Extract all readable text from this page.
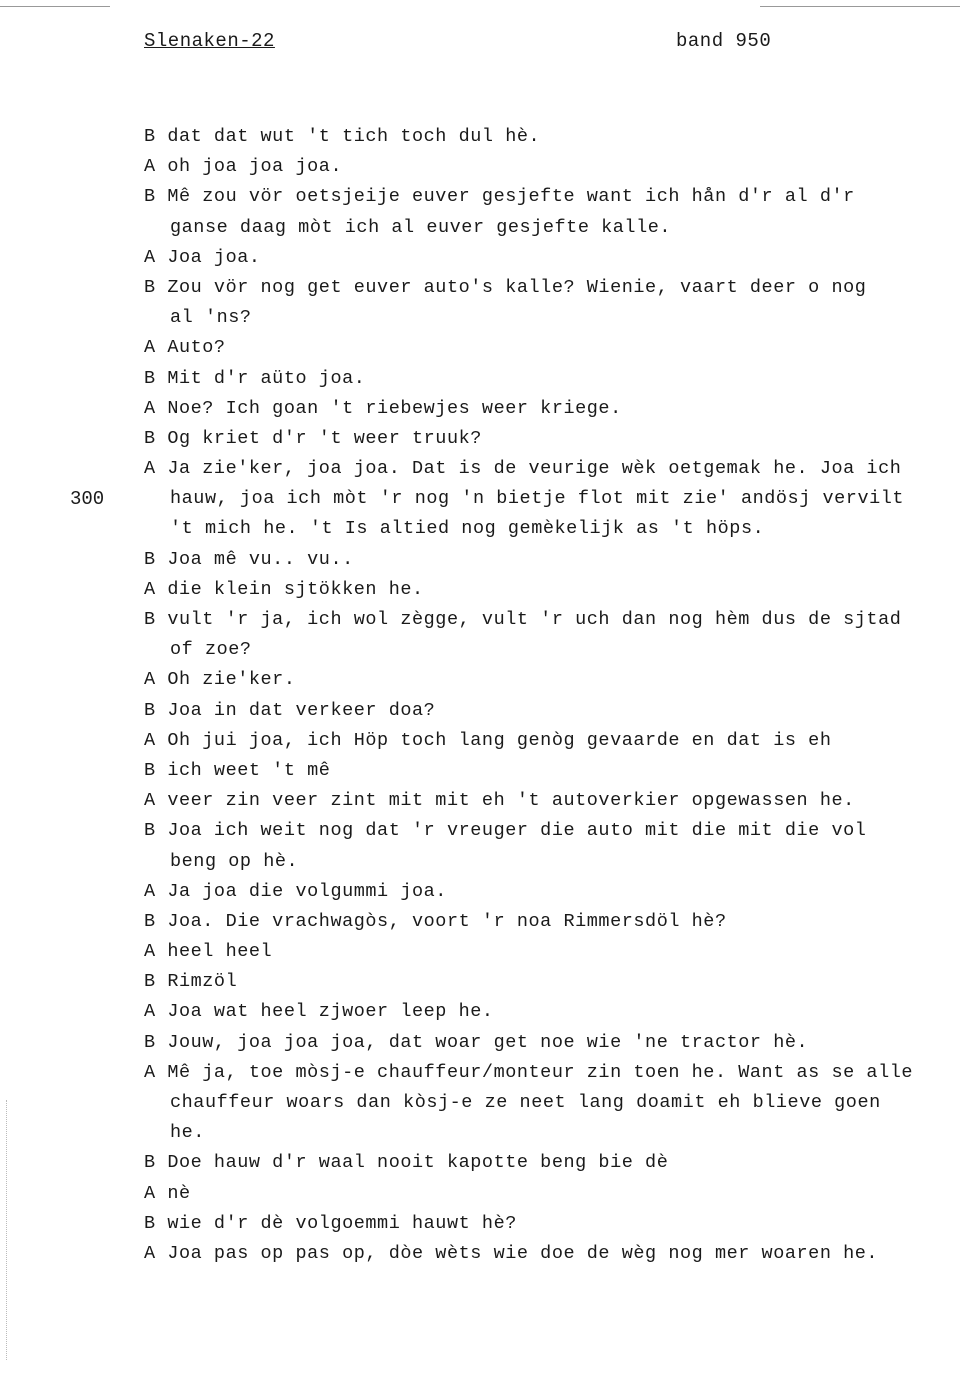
Slenaken-22	band 950
300
B dat dat wut 't tich toch dul hè.
A oh joa joa joa.
B Mê zou vör oetsjeije euver gesjefte want ich hån d'r al d'r
ganse daag mòt ich al euver gesjefte kalle.
A Joa joa.
B Zou vör nog get euver auto's kalle? Wienie, vaart deer o nog
al 'ns?
A Auto?
B Mit d'r aüto joa.
A Noe? Ich goan 't riebewjes weer kriege.
B Og kriet d'r 't weer truuk?
A Ja zie'ker, joa joa. Dat is de veurige wèk oetgemak he. Joa ich
hauw, joa ich mòt 'r nog 'n bietje flot mit zie' andösj vervilt
't mich he. 't Is altied nog gemèkelijk as 't höps.
B Joa mê vu.. vu..
A die klein sjtökken he.
B vult 'r ja, ich wol zègge, vult 'r uch dan nog hèm dus de sjtad
of zoe?
A Oh zie'ker.
B Joa in dat verkeer doa?
A Oh jui joa, ich Höp toch lang genòg gevaarde en dat is eh
B ich weet 't mê
A veer zin veer zint mit mit eh 't autoverkier opgewassen he.
B Joa ich weit nog dat 'r vreuger die auto mit die mit die vol
beng op hè.
A Ja joa die volgummi joa.
B Joa. Die vrachwagòs, voort 'r noa Rimmersdöl hè?
A heel heel
B Rimzöl
A Joa wat heel zjwoer leep he.
B Jouw, joa joa joa, dat woar get noe wie 'ne tractor hè.
A Mê ja, toe mòsj-e chauffeur/monteur zin toen he. Want as se alle
chauffeur woars dan kòsj-e ze neet lang doamit eh blieve goen
he.
B Doe hauw d'r waal nooit kapotte beng bie dè
A nè
B wie d'r dè volgoemmi hauwt hè?
A Joa pas op pas op, dòe wèts wie doe de wèg nog mer woaren he.
